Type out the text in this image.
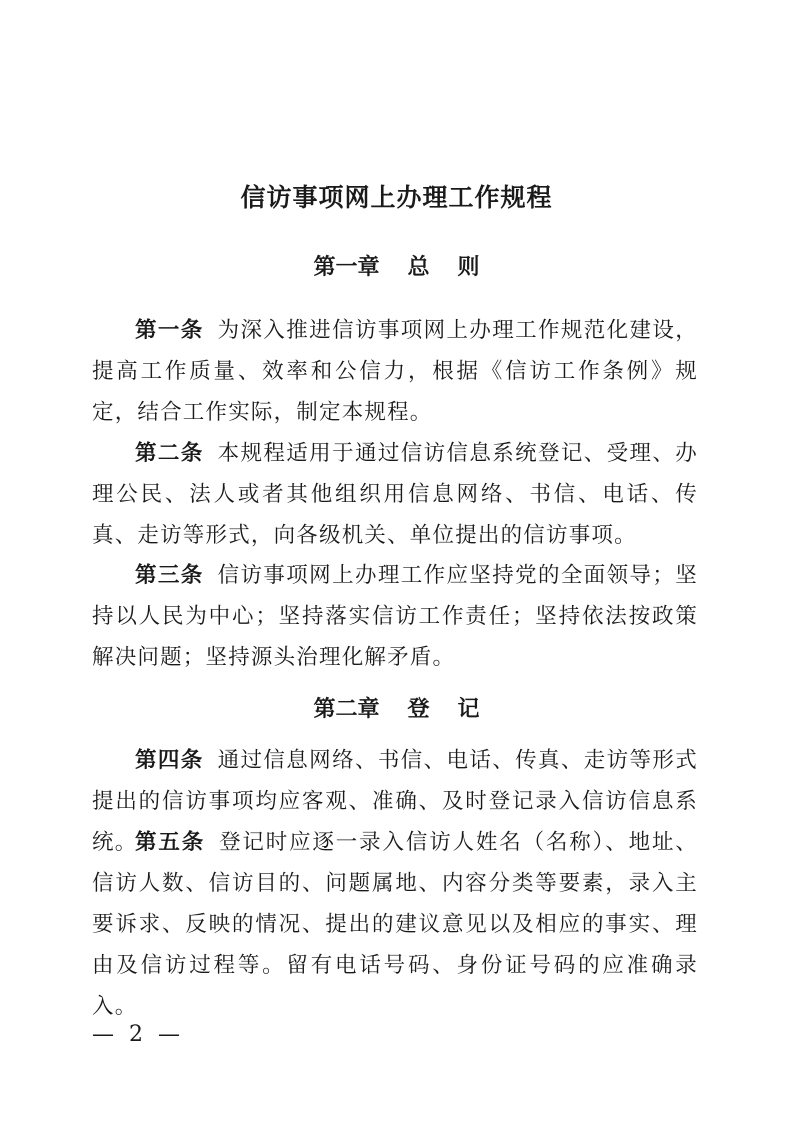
信访事项网上办理工作规程
第一章 总则
第一条 为深入推进信访事项网上办理工作规范化建设，提高工作质量、效率和公信力，根据《信访工作条例》规定，结合工作实际，制定本规程。
第二条 本规程适用于通过信访信息系统登记、受理、办理公民、法人或者其他组织用信息网络、书信、电话、传真、走访等形式，向各级机关、单位提出的信访事项。
第三条 信访事项网上办理工作应坚持党的全面领导；坚持以人民为中心；坚持落实信访工作责任；坚持依法按政策解决问题；坚持源头治理化解矛盾。
第二章 登记
第四条 通过信息网络、书信、电话、传真、走访等形式提出的信访事项均应客观、准确、及时登记录入信访信息系统。
第五条 登记时应逐一录入信访人姓名（名称）、地址、信访人数、信访目的、问题属地、内容分类等要素，录入主要诉求、反映的情况、提出的建议意见以及相应的事实、理由及信访过程等。留有电话号码、身份证号码的应准确录入。
— 2 —
